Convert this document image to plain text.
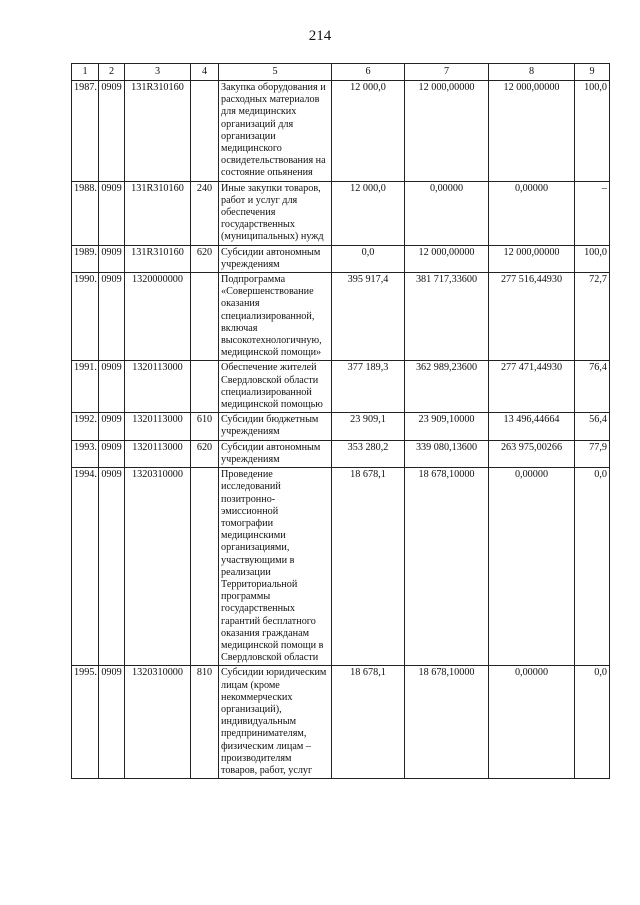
214
1	2	3	4	5	6	7	8	9
1987.	0909	131R310160		Закупка оборудования и расходных материалов для медицинских организаций для организации медицинского освидетельствования на состояние опьянения	12 000,0	12 000,00000	12 000,00000	100,0
1988.	0909	131R310160	240	Иные закупки товаров, работ и услуг для обеспечения государственных (муниципальных) нужд	12 000,0	0,00000	0,00000	–
1989.	0909	131R310160	620	Субсидии автономным учреждениям	0,0	12 000,00000	12 000,00000	100,0
1990.	0909	1320000000		Подпрограмма «Совершенствование оказания специализированной, включая высокотехнологичную, медицинской помощи»	395 917,4	381 717,33600	277 516,44930	72,7
1991.	0909	1320113000		Обеспечение жителей Свердловской области специализированной медицинской помощью	377 189,3	362 989,23600	277 471,44930	76,4
1992.	0909	1320113000	610	Субсидии бюджетным учреждениям	23 909,1	23 909,10000	13 496,44664	56,4
1993.	0909	1320113000	620	Субсидии автономным учреждениям	353 280,2	339 080,13600	263 975,00266	77,9
1994.	0909	1320310000		Проведение исследований позитронно-эмиссионной томографии медицинскими организациями, участвующими в реализации Территориальной программы государственных гарантий бесплатного оказания гражданам медицинской помощи в Свердловской области	18 678,1	18 678,10000	0,00000	0,0
1995.	0909	1320310000	810	Субсидии юридическим лицам (кроме некоммерческих организаций), индивидуальным предпринимателям, физическим лицам – производителям товаров, работ, услуг	18 678,1	18 678,10000	0,00000	0,0
